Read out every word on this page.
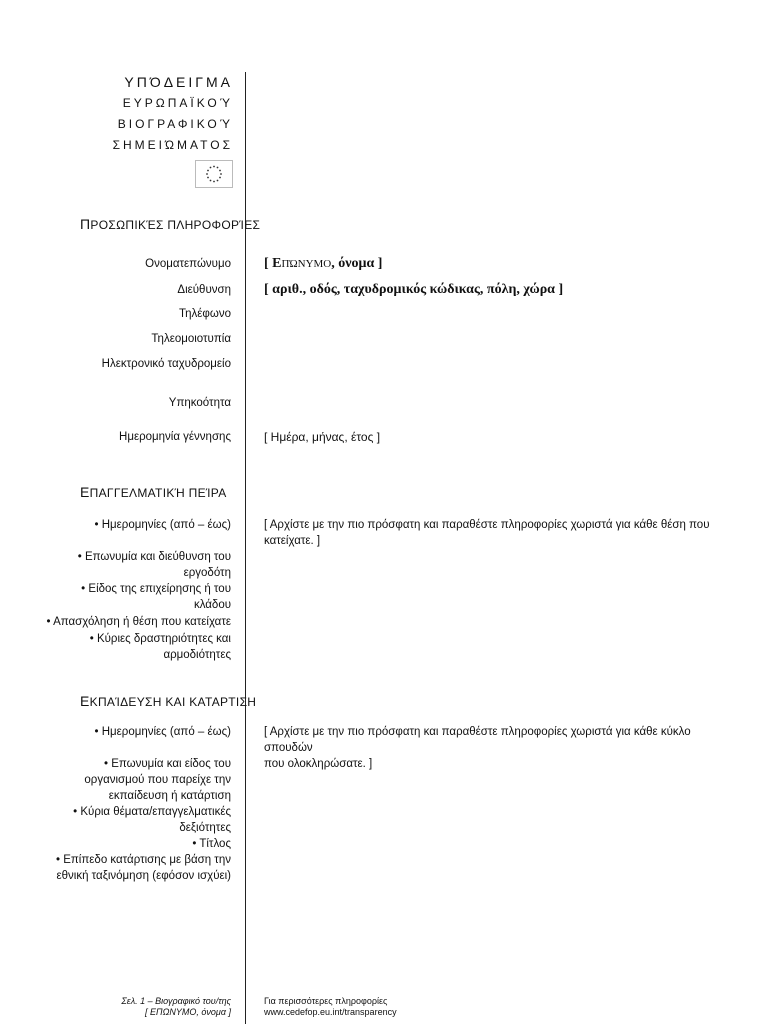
ΥΠΌΔΕΙΓΜΑ
ΕΥΡΩΠΑΪΚΟΎ
ΒΙΟΓΡΑΦΙΚΟΎ
ΣΗΜΕΙΏΜΑΤΟΣ
ΠΡΟΣΩΠΙΚΈΣ ΠΛΗΡΟΦΟΡΊΕΣ
Ονοματεπώνυμο
Διεύθυνση
Τηλέφωνο
Τηλεομοιοτυπία
Ηλεκτρονικό ταχυδρομείο
Υπηκοότητα
Ημερομηνία γέννησης
[ ΕΠΏΝΥΜΟ, όνομα ]
[ αριθ., οδός, ταχυδρομικός κώδικας, πόλη, χώρα ]
[ Ημέρα, μήνας, έτος ]
ΕΠΑΓΓΕΛΜΑΤΙΚΉ ΠΕΊΡΑ
• Ημερομηνίες (από – έως)
• Επωνυμία και διεύθυνση του
εργοδότη
• Είδος της επιχείρησης ή του
κλάδου
• Απασχόληση ή θέση που κατείχατε
• Κύριες δραστηριότητες και
αρμοδιότητες
[ Αρχίστε με την πιο πρόσφατη και παραθέστε πληροφορίες χωριστά για κάθε θέση που
κατείχατε. ]
ΕΚΠΑΊΔΕΥΣΗ ΚΑΙ ΚΑΤΑΡΤΙΣΗ
• Ημερομηνίες (από – έως)
• Επωνυμία και είδος του
οργανισμού που παρείχε την
εκπαίδευση ή κατάρτιση
• Κύρια θέματα/επαγγελματικές
δεξιότητες
• Τίτλος
• Επίπεδο κατάρτισης με βάση την
εθνική ταξινόμηση (εφόσον ισχύει)
[ Αρχίστε με την πιο πρόσφατη και παραθέστε πληροφορίες χωριστά για κάθε κύκλο σπουδών
που ολοκληρώσατε. ]
Σελ. 1 – Βιογραφικό του/της
[ ΕΠΩΝΥΜΟ, όνομα ]
Για περισσότερες πληροφορίες
www.cedefop.eu.int/transparency
